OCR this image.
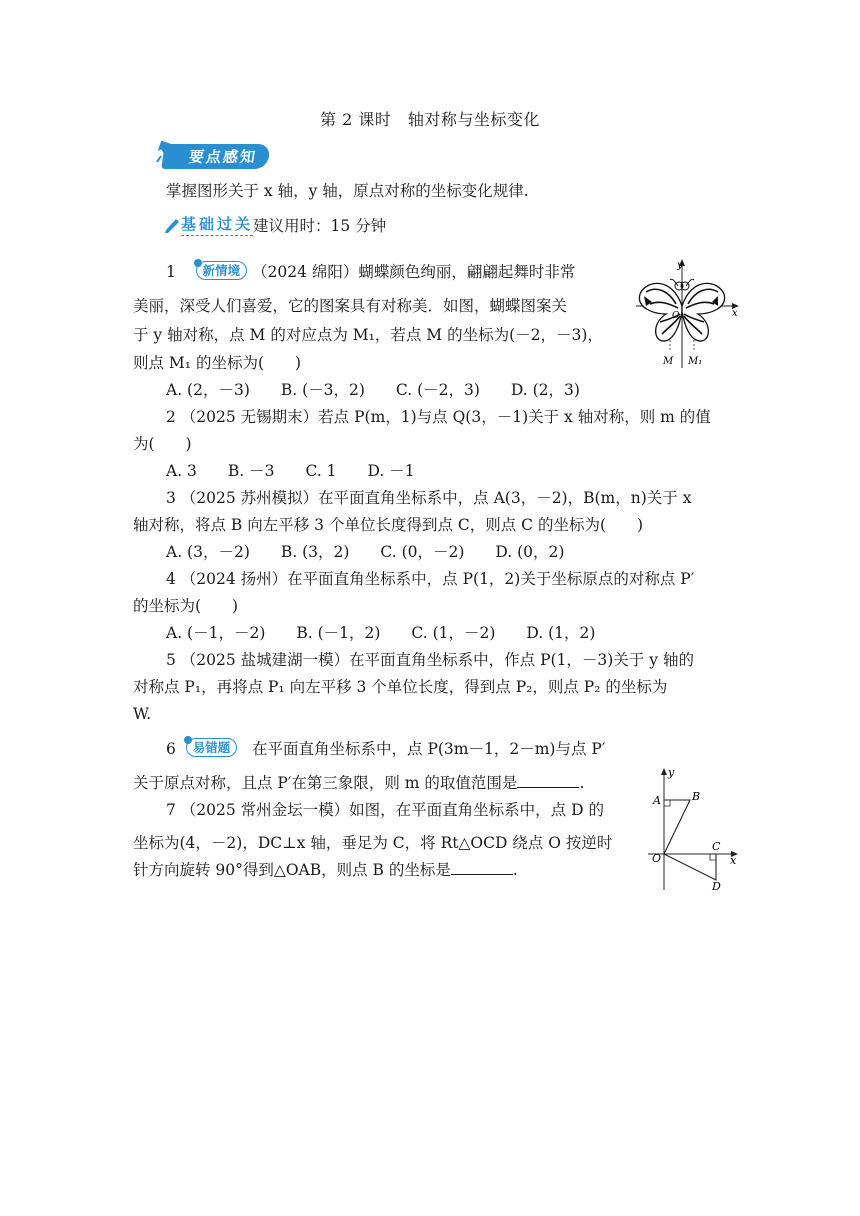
第 2 课时　轴对称与坐标变化
要点感知
掌握图形关于 x 轴，y 轴，原点对称的坐标变化规律.
基础过关 建议用时：15 分钟
1 新情境 （2024 绵阳）蝴蝶颜色绚丽，翩翩起舞时非常
美丽，深受人们喜爱，它的图案具有对称美．如图，蝴蝶图案关
于 y 轴对称，点 M 的对应点为 M₁，若点 M 的坐标为(－2，－3)，
则点 M₁ 的坐标为(　　)
A. (2，－3)　　B. (－3，2)　　C. (－2，3)　　D. (2，3)
y
x
O
M M₁
2 （2025 无锡期末）若点 P(m，1)与点 Q(3，－1)关于 x 轴对称，则 m 的值
为(　　)
A. 3　　B. －3　　C. 1　　D. －1
3 （2025 苏州模拟）在平面直角坐标系中，点 A(3，－2)，B(m，n)关于 x
轴对称，将点 B 向左平移 3 个单位长度得到点 C，则点 C 的坐标为(　　)
A. (3，－2)　　B. (3，2)　　C. (0，－2)　　D. (0，2)
4 （2024 扬州）在平面直角坐标系中，点 P(1，2)关于坐标原点的对称点 P′
的坐标为(　　)
A. (－1，－2)　　B. (－1，2)　　C. (1，－2)　　D. (1，2)
5 （2025 盐城建湖一模）在平面直角坐标系中，作点 P(1，－3)关于 y 轴的
对称点 P₁，再将点 P₁ 向左平移 3 个单位长度，得到点 P₂，则点 P₂ 的坐标为
W.
6 易错题 在平面直角坐标系中，点 P(3m－1，2－m)与点 P′
关于原点对称，且点 P′在第三象限，则 m 的取值范围是	.
7 （2025 常州金坛一模）如图，在平面直角坐标系中，点 D 的
坐标为(4，－2)，DC⊥x 轴，垂足为 C，将 Rt△OCD 绕点 O 按逆时
针方向旋转 90°得到△OAB，则点 B 的坐标是	.
y
x
O
A	B
C
D
